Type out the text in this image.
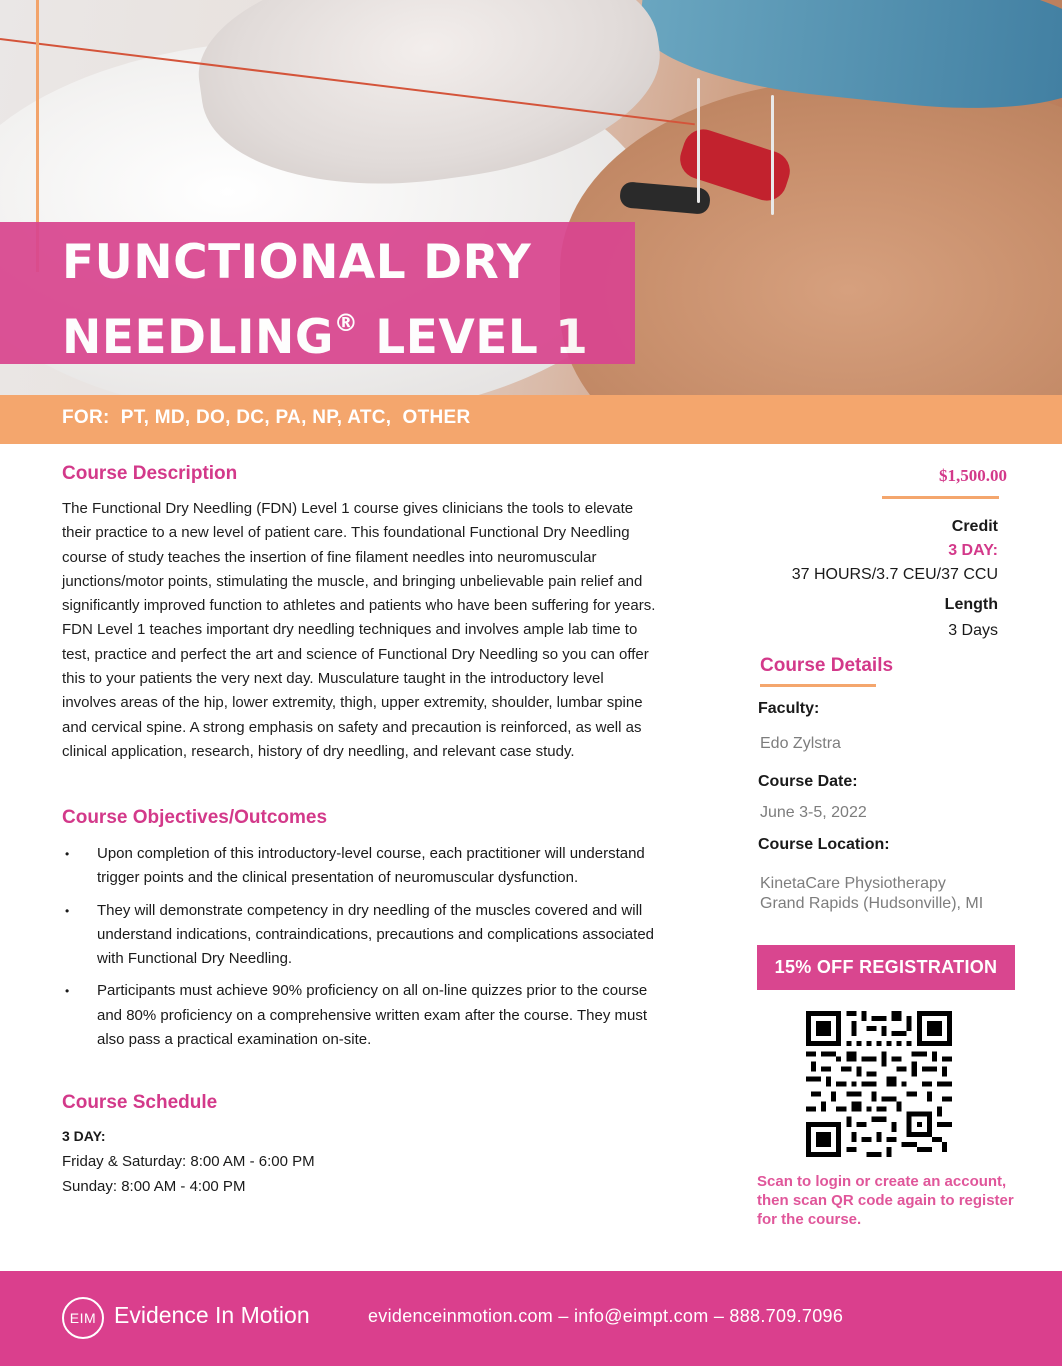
FUNCTIONAL DRY
NEEDLING® LEVEL 1
FOR:  PT, MD, DO, DC, PA, NP, ATC,  OTHER
Course Description
The Functional Dry Needling (FDN) Level 1 course gives clinicians the tools to elevate their practice to a new level of patient care. This foundational Functional Dry Needling course of study teaches the insertion of fine filament needles into neuromuscular junctions/motor points, stimulating the muscle, and bringing unbelievable pain relief and significantly improved function to athletes and patients who have been suffering for years. FDN Level 1 teaches important dry needling techniques and involves ample lab time to test, practice and perfect the art and science of Functional Dry Needling so you can offer this to your patients the very next day. Musculature taught in the introductory level involves areas of the hip, lower extremity, thigh, upper extremity, shoulder, lumbar spine and cervical spine. A strong emphasis on safety and precaution is reinforced, as well as clinical application, research, history of dry needling, and relevant case study.
Course Objectives/Outcomes
• Upon completion of this introductory-level course, each practitioner will understand trigger points and the clinical presentation of neuromuscular dysfunction.
• They will demonstrate competency in dry needling of the muscles covered and will understand indications, contraindications, precautions and complications associated with Functional Dry Needling.
• Participants must achieve 90% proficiency on all on-line quizzes prior to the course and 80% proficiency on a comprehensive written exam after the course. They must also pass a practical examination on-site.
Course Schedule
3 DAY:
Friday & Saturday: 8:00 AM - 6:00 PM
Sunday: 8:00 AM - 4:00 PM
$1,500.00
Credit
3 DAY:
37 HOURS/3.7 CEU/37 CCU
Length
3 Days
Course Details
Faculty:
Edo Zylstra
Course Date:
June 3-5, 2022
Course Location:
KinetaCare Physiotherapy
Grand Rapids (Hudsonville), MI
15% OFF REGISTRATION
Scan to login or create an account, then scan QR code again to register for the course.
EIM Evidence In Motion	evidenceinmotion.com – info@eimpt.com – 888.709.7096
